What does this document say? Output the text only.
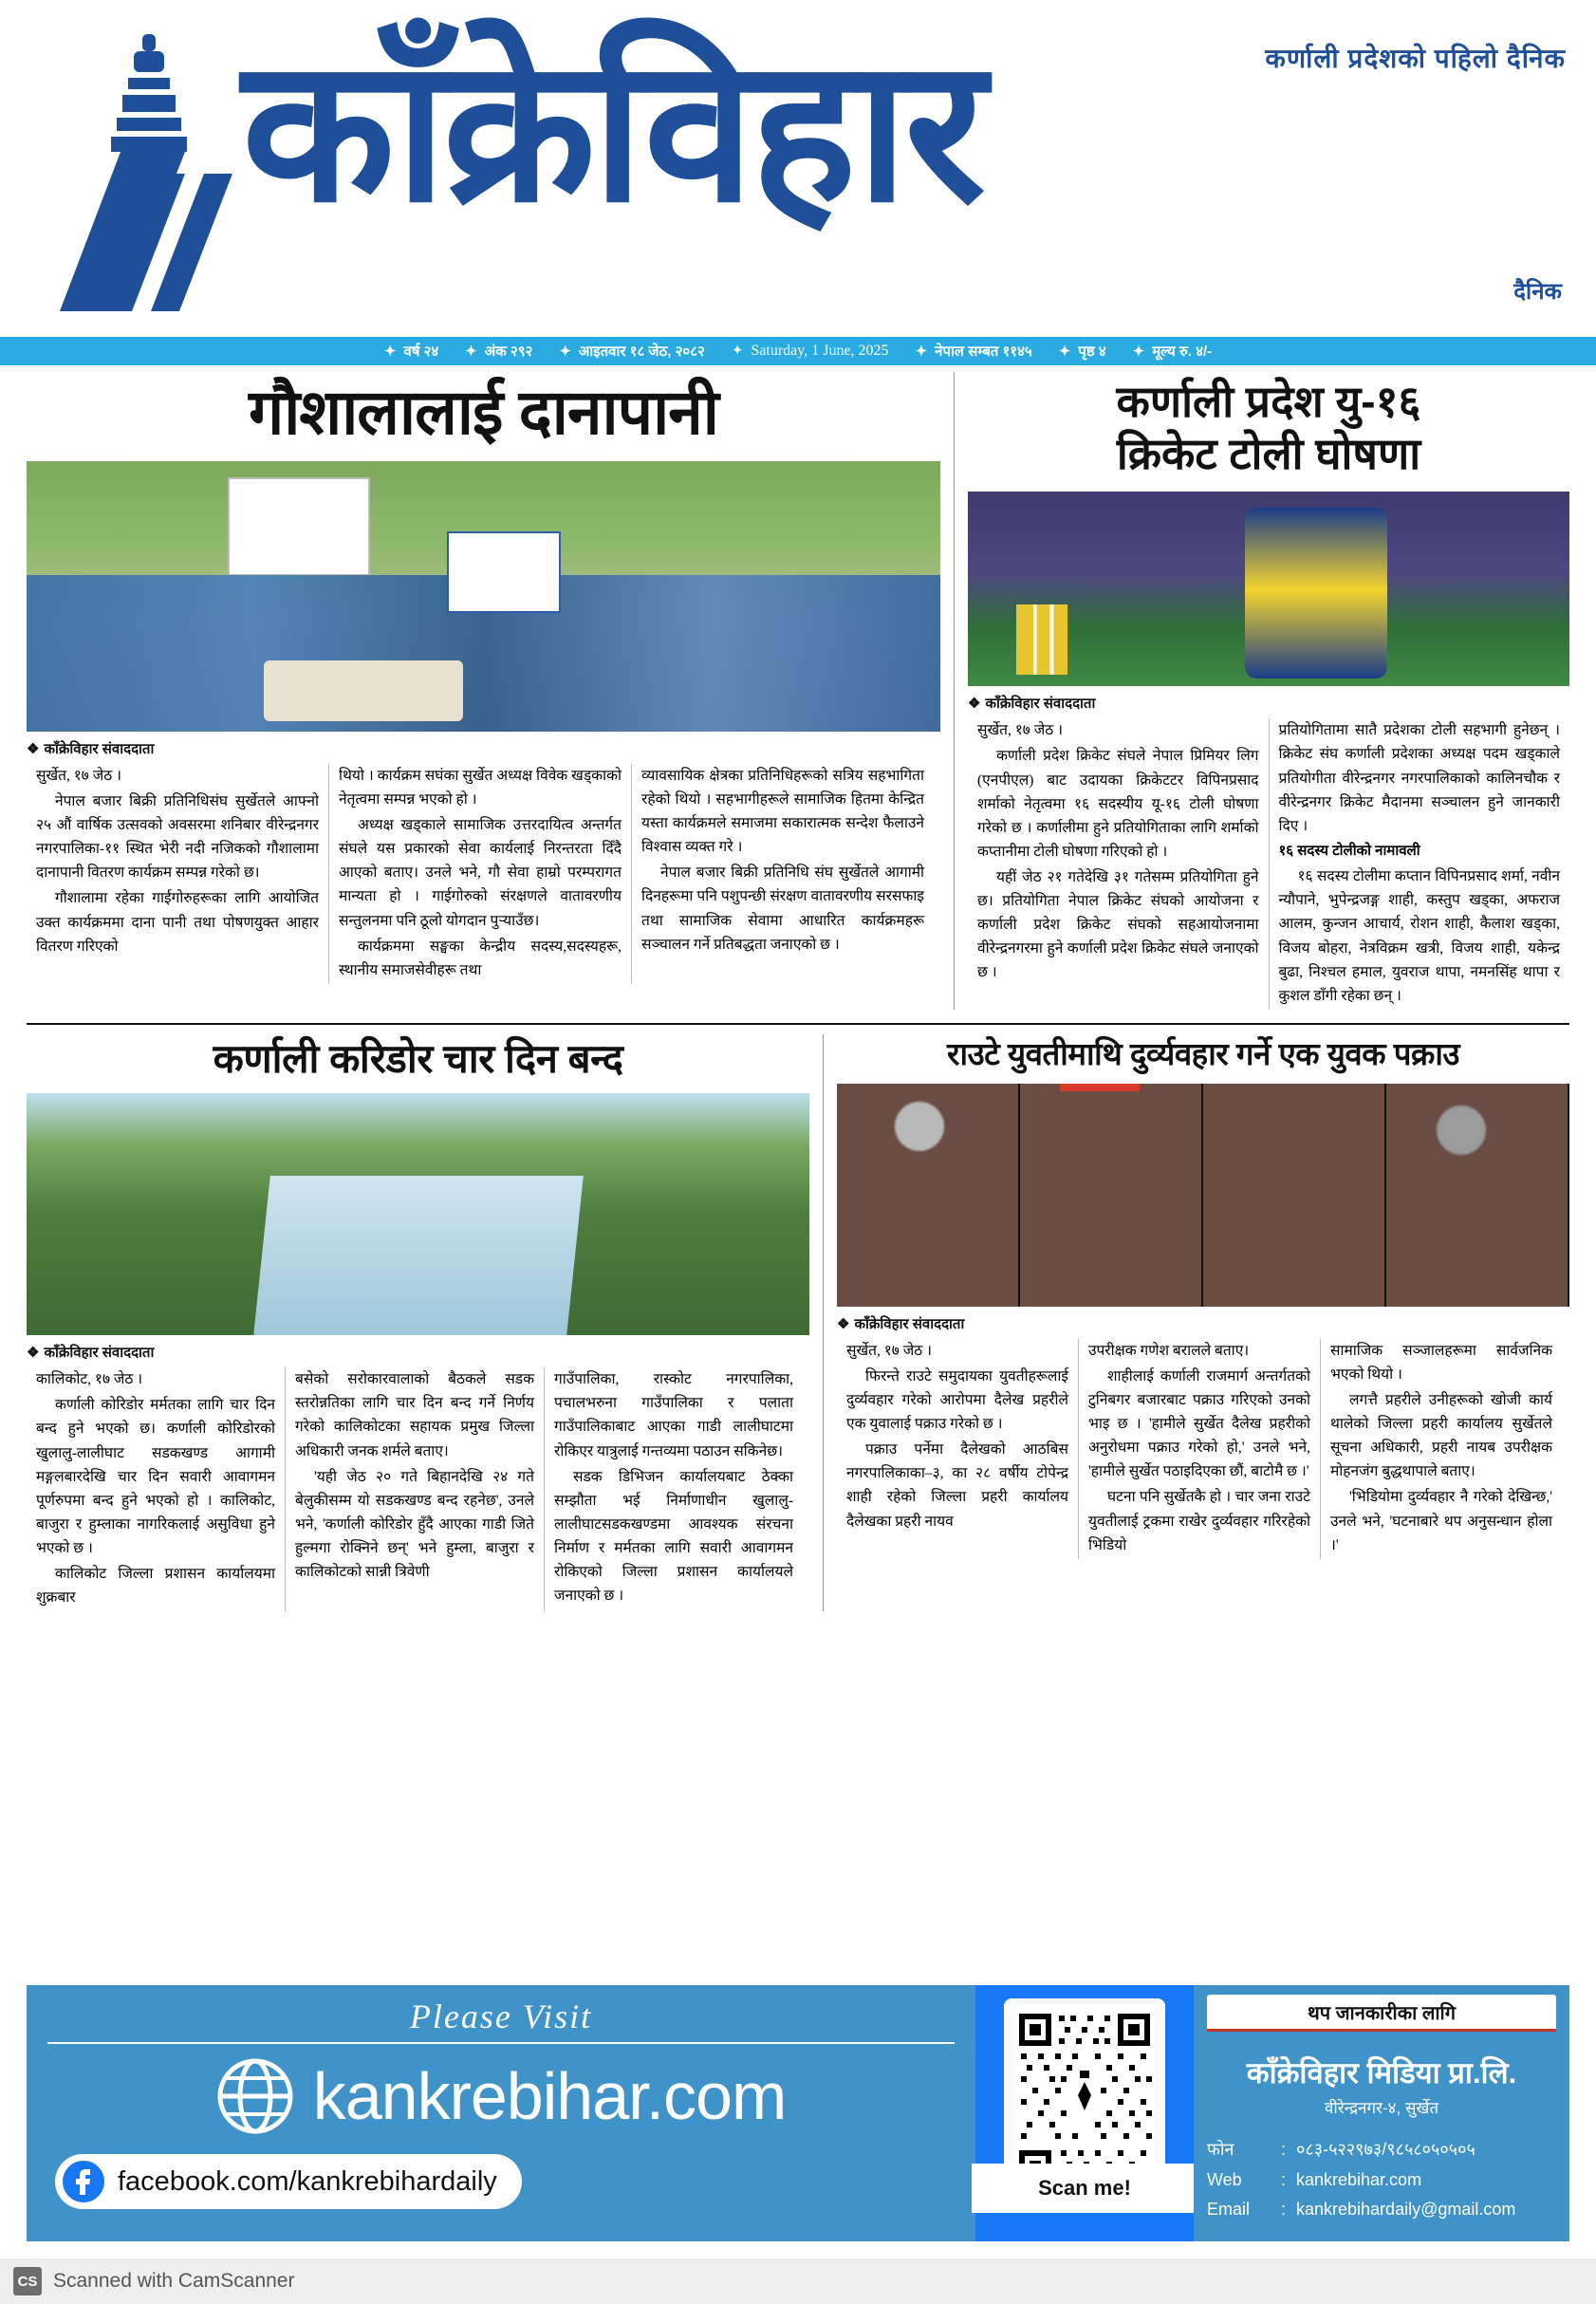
काँक्रेविहार	कर्णाली प्रदेशको पहिलो दैनिक
दैनिक
✦ वर्ष २४ ✦ अंक २९२ ✦ आइतवार १८ जेठ, २०८२ ✦ Saturday, 1 June, 2025 ✦ नेपाल सम्बत ११४५ ✦ पृष्ठ ४ ✦ मूल्य रु. ४/-
गौशालालाई दानापानी
❖ काँक्रेविहार संवाददाता

सुर्खेत, १७ जेठ ।

नेपाल बजार बिक्री प्रतिनिधिसंघ सुर्खेतले आफ्नो २५ औं वार्षिक उत्सवको अवसरमा शनिबार वीरेन्द्रनगर नगरपालिका-११ स्थित भेरी नदी नजिकको गौशालामा दानापानी वितरण कार्यक्रम सम्पन्न गरेको छ।

गौशालामा रहेका गाईगोरुहरूका लागि आयोजित उक्त कार्यक्रममा दाना पानी तथा पोषणयुक्त आहार वितरण गरिएको

थियो । कार्यक्रम सघंका सुर्खेत अध्यक्ष विवेक खड्काको नेतृत्वमा सम्पन्न भएको हो ।

अध्यक्ष खड्काले सामाजिक उत्तरदायित्व अन्तर्गत संघले यस प्रकारको सेवा कार्यलाई निरन्तरता दिँदै आएको बताए। उनले भने, गौ सेवा हाम्रो परम्परागत मान्यता हो । गाईगोरुको संरक्षणले वातावरणीय सन्तुलनमा पनि ठूलो योगदान पुऱ्याउँछ।

कार्यक्रममा सङ्घका केन्द्रीय सदस्य,सदस्यहरू, स्थानीय समाजसेवीहरू तथा

व्यावसायिक क्षेत्रका प्रतिनिधिहरूको सत्रिय सहभागिता रहेको थियो । सहभागीहरूले सामाजिक हितमा केन्द्रित यस्ता कार्यक्रमले समाजमा सकारात्मक सन्देश फैलाउने विश्वास व्यक्त गरे ।

नेपाल बजार बिक्री प्रतिनिधि संघ सुर्खेतले आगामी दिनहरूमा पनि पशुपन्छी संरक्षण वातावरणीय सरसफाइ तथा सामाजिक सेवामा आधारित कार्यक्रमहरू सञ्चालन गर्ने प्रतिबद्धता जनाएको छ ।

कर्णाली प्रदेश यु-१६
क्रिकेट टोली घोषणा
❖ काँक्रेविहार संवाददाता

सुर्खेत, १७ जेठ ।

कर्णाली प्रदेश क्रिकेट संघले नेपाल प्रिमियर लिग (एनपीएल) बाट उदायका क्रिकेटटर विपिनप्रसाद शर्माको नेतृत्वमा १६ सदस्यीय यू-१६ टोली घोषणा गरेको छ । कर्णालीमा हुने प्रतियोगिताका लागि शर्माको कप्तानीमा टोली घोषणा गरिएको हो ।

यहीं जेठ २१ गतेदेखि ३१ गतेसम्म प्रतियोगिता हुने छ। प्रतियोगिता नेपाल क्रिकेट संघको आयोजना र कर्णाली प्रदेश क्रिकेट संघको सहआयोजनामा वीरेन्द्रनगरमा हुने कर्णाली प्रदेश क्रिकेट संघले जनाएको छ ।

प्रतियोगितामा सातै प्रदेशका टोली सहभागी हुनेछन् । क्रिकेट संघ कर्णाली प्रदेशका अध्यक्ष पदम खड्काले प्रतियोगीता वीरेन्द्रनगर नगरपालिकाको कालिनचौक र वीरेन्द्रनगर क्रिकेट मैदानमा सञ्चालन हुने जानकारी दिए ।

१६ सदस्य टोलीको नामावली

१६ सदस्य टोलीमा कप्तान विपिनप्रसाद शर्मा, नवीन न्यौपाने, भुपेन्द्रजङ्ग शाही, कस्तुप खड्का, अफराज आलम, कुन्जन आचार्य, रोशन शाही, कैलाश खड्का, विजय बोहरा, नेत्रविक्रम खत्री, विजय शाही, यकेन्द्र बुढा, निश्चल हमाल, युवराज थापा, नमनसिंह थापा र कुशल डाँगी रहेका छन् ।

कर्णाली करिडोर चार दिन बन्द
❖ काँक्रेविहार संवाददाता

कालिकोट, १७ जेठ ।

कर्णाली कोरिडोर मर्मतका लागि चार दिन बन्द हुने भएको छ। कर्णाली कोरिडोरको खुलालु-लालीघाट सडकखण्ड आगामी मङ्गलबारदेखि चार दिन सवारी आवागमन पूर्णरुपमा बन्द हुने भएको हो । कालिकोट, बाजुरा र हुम्लाका नागरिकलाई असुविधा हुने भएको छ ।

कालिकोट जिल्ला प्रशासन कार्यालयमा शुक्रबार

बसेको सरोकारवालाको बैठकले सडक स्तरोन्नतिका लागि चार दिन बन्द गर्ने निर्णय गरेको कालिकोटका सहायक प्रमुख जिल्ला अधिकारी जनक शर्मले बताए।

'यही जेठ २० गते बिहानदेखि २४ गते बेलुकीसम्म यो सडकखण्ड बन्द रहनेछ', उनले भने, 'कर्णाली कोरिडोर हुँदै आएका गाडी जिते हुल्मगा रोक्निने छन्' भने हुम्ला, बाजुरा र कालिकोटको सान्नी त्रिवेणी

गाउँपालिका, रास्कोट नगरपालिका, पचालभरुना गाउँपालिका र पलाता गाउँपालिकाबाट आएका गाडी लालीघाटमा रोकिएर यात्रुलाई गन्तव्यमा पठाउन सकिनेछ।

सडक डिभिजन कार्यालयबाट ठेक्का सम्झौता भई निर्माणाधीन खुलालु-लालीघाटसडकखण्डमा आवश्यक संरचना निर्माण र मर्मतका लागि सवारी आवागमन रोकिएको जिल्ला प्रशासन कार्यालयले जनाएको छ ।

राउटे युवतीमाथि दुर्व्यवहार गर्ने एक युवक पक्राउ
❖ काँक्रेविहार संवाददाता

सुर्खेत, १७ जेठ ।

फिरन्ते राउटे समुदायका युवतीहरूलाई दुर्व्यवहार गरेको आरोपमा दैलेख प्रहरीले एक युवालाई पक्राउ गरेको छ ।

पक्राउ पर्नेमा दैलेखको आठबिस नगरपालिकाका–३, का २८ वर्षीय टोपेन्द्र शाही रहेको जिल्ला प्रहरी कार्यालय दैलेखका प्रहरी नायव

उपरीक्षक गणेश बरालले बताए।

शाहीलाई कर्णाली राजमार्ग अन्तर्गतको टुनिबगर बजारबाट पक्राउ गरिएको उनको भाइ छ । 'हामीले सुर्खेत दैलेख प्रहरीको अनुरोधमा पक्राउ गरेको हो,' उनले भने, 'हामीले सुर्खेत पठाइदिएका छौं, बाटोमै छ ।'

घटना पनि सुर्खेतकै हो । चार जना राउटे युवतीलाई ट्रकमा राखेर दुर्व्यवहार गरिरहेको भिडियो

सामाजिक सञ्जालहरूमा सार्वजनिक भएको थियो ।

लगत्तै प्रहरीले उनीहरूको खोजी कार्य थालेको जिल्ला प्रहरी कार्यालय सुर्खेतले सूचना अधिकारी, प्रहरी नायब उपरीक्षक मोहनजंग बुद्धथापाले बताए।

'भिडियोमा दुर्व्यवहार नै गरेको देखिन्छ,' उनले भने, 'घटनाबारे थप अनुसन्धान होला ।'

Please Visit
kankrebihar.com
facebook.com/kankrebihardaily	Scan me!
थप जानकारीका लागि
काँक्रेविहार मिडिया प्रा.लि.
वीरेन्द्रनगर-४, सुर्खेत
फोन	: ०८३-५२२९७३/९८५८०५०५०५
Web	: kankrebihar.com
Email	: kankrebihardaily@gmail.com
CS Scanned with CamScanner
